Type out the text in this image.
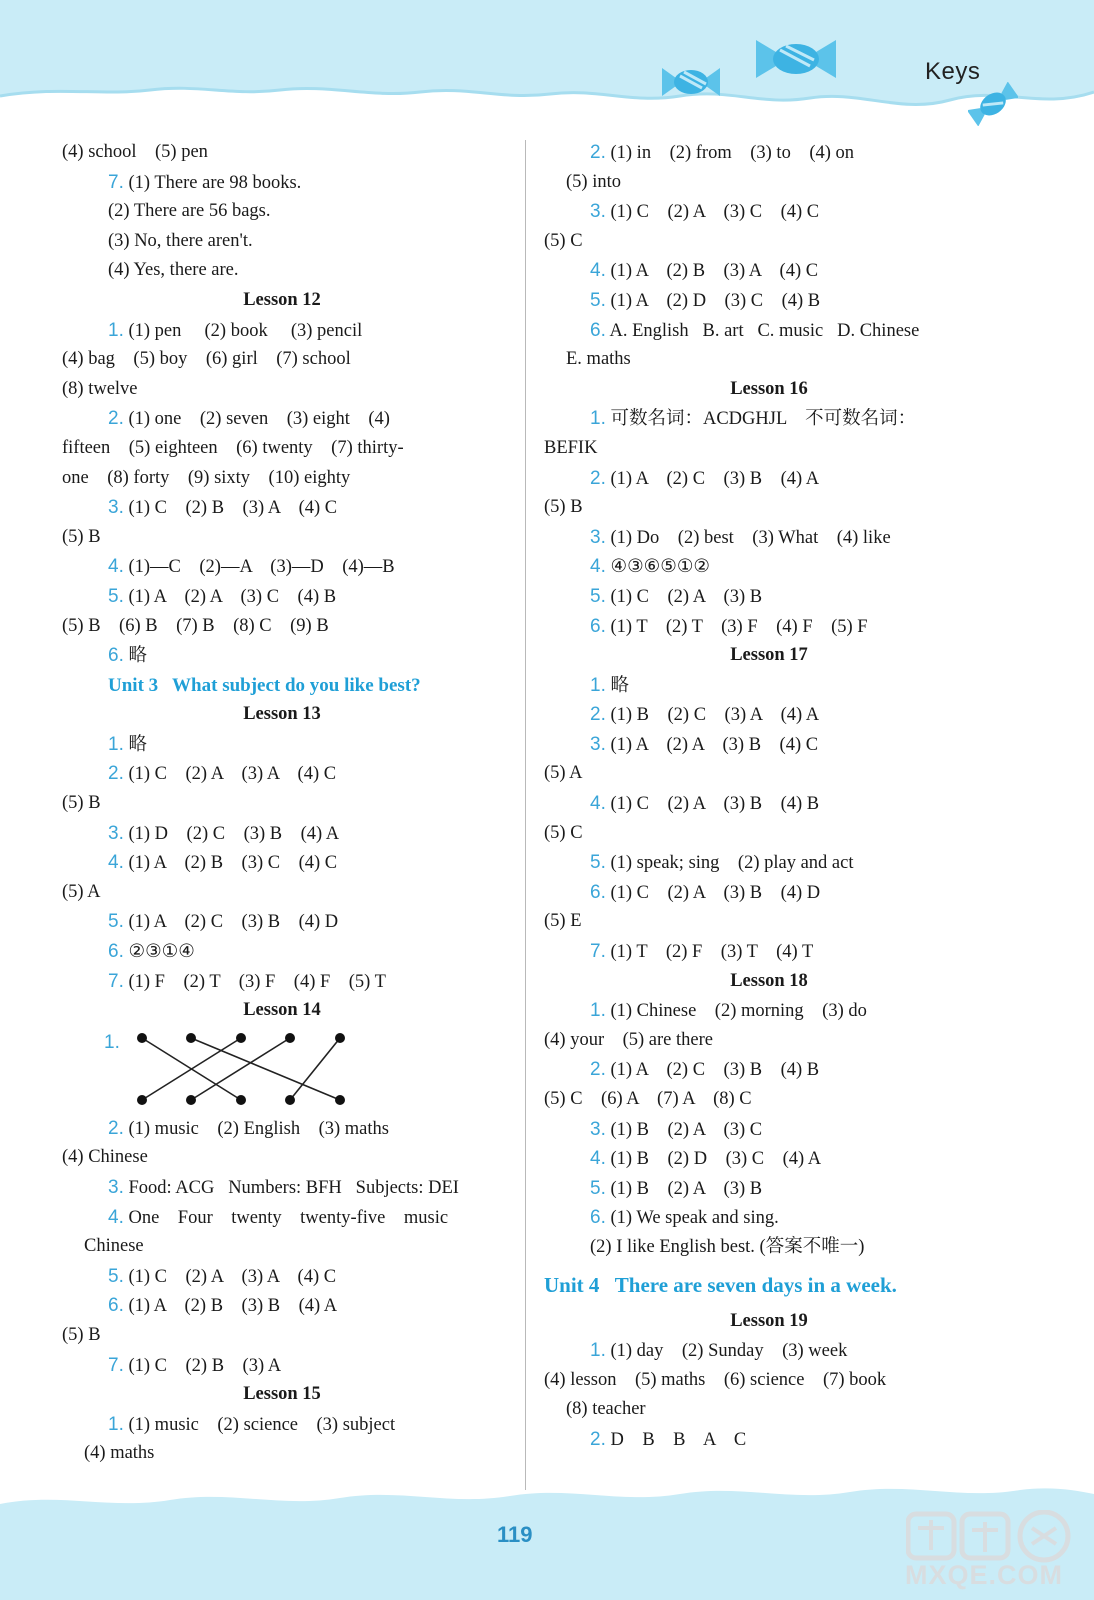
Keys
(4) school    (5) pen
7. (1) There are 98 books.
(2) There are 56 bags.
(3) No, there aren't.
(4) Yes, there are.
Lesson 12
1. (1) pen     (2) book     (3) pencil
(4) bag    (5) boy    (6) girl    (7) school
(8) twelve
2. (1) one    (2) seven    (3) eight    (4)
fifteen    (5) eighteen    (6) twenty    (7) thirty-
one    (8) forty    (9) sixty    (10) eighty
3. (1) C    (2) B    (3) A    (4) C
(5) B
4. (1)—C    (2)—A    (3)—D    (4)—B
5. (1) A    (2) A    (3) C    (4) B
(5) B    (6) B    (7) B    (8) C    (9) B
6. 略
Unit 3   What subject do you like best?
Lesson 13
1. 略
2. (1) C    (2) A    (3) A    (4) C
(5) B
3. (1) D    (2) C    (3) B    (4) A
4. (1) A    (2) B    (3) C    (4) C
(5) A
5. (1) A    (2) C    (3) B    (4) D
6. ②③①④
7. (1) F    (2) T    (3) F    (4) F    (5) T
Lesson 14
1.
2. (1) music    (2) English    (3) maths
(4) Chinese
3. Food: ACG   Numbers: BFH   Subjects: DEI
4. One    Four    twenty    twenty-five    music
Chinese
5. (1) C    (2) A    (3) A    (4) C
6. (1) A    (2) B    (3) B    (4) A
(5) B
7. (1) C    (2) B    (3) A
Lesson 15
1. (1) music    (2) science    (3) subject
(4) maths
2. (1) in    (2) from    (3) to    (4) on
(5) into
3. (1) C    (2) A    (3) C    (4) C
(5) C
4. (1) A    (2) B    (3) A    (4) C
5. (1) A    (2) D    (3) C    (4) B
6. A. English   B. art   C. music   D. Chinese
E. maths
Lesson 16
1. 可数名词：ACDGHJL    不可数名词：
BEFIK
2. (1) A    (2) C    (3) B    (4) A
(5) B
3. (1) Do    (2) best    (3) What    (4) like
4. ④③⑥⑤①②
5. (1) C    (2) A    (3) B
6. (1) T    (2) T    (3) F    (4) F    (5) F
Lesson 17
1. 略
2. (1) B    (2) C    (3) A    (4) A
3. (1) A    (2) A    (3) B    (4) C
(5) A
4. (1) C    (2) A    (3) B    (4) B
(5) C
5. (1) speak; sing    (2) play and act
6. (1) C    (2) A    (3) B    (4) D
(5) E
7. (1) T    (2) F    (3) T    (4) T
Lesson 18
1. (1) Chinese    (2) morning    (3) do
(4) your    (5) are there
2. (1) A    (2) C    (3) B    (4) B
(5) C    (6) A    (7) A    (8) C
3. (1) B    (2) A    (3) C
4. (1) B    (2) D    (3) C    (4) A
5. (1) B    (2) A    (3) B
6. (1) We speak and sing.
(2) I like English best. (答案不唯一)
Unit 4   There are seven days in a week.
Lesson 19
1. (1) day    (2) Sunday    (3) week
(4) lesson    (5) maths    (6) science    (7) book
(8) teacher
2. D    B    B    A    C
119
MXQE.COM
